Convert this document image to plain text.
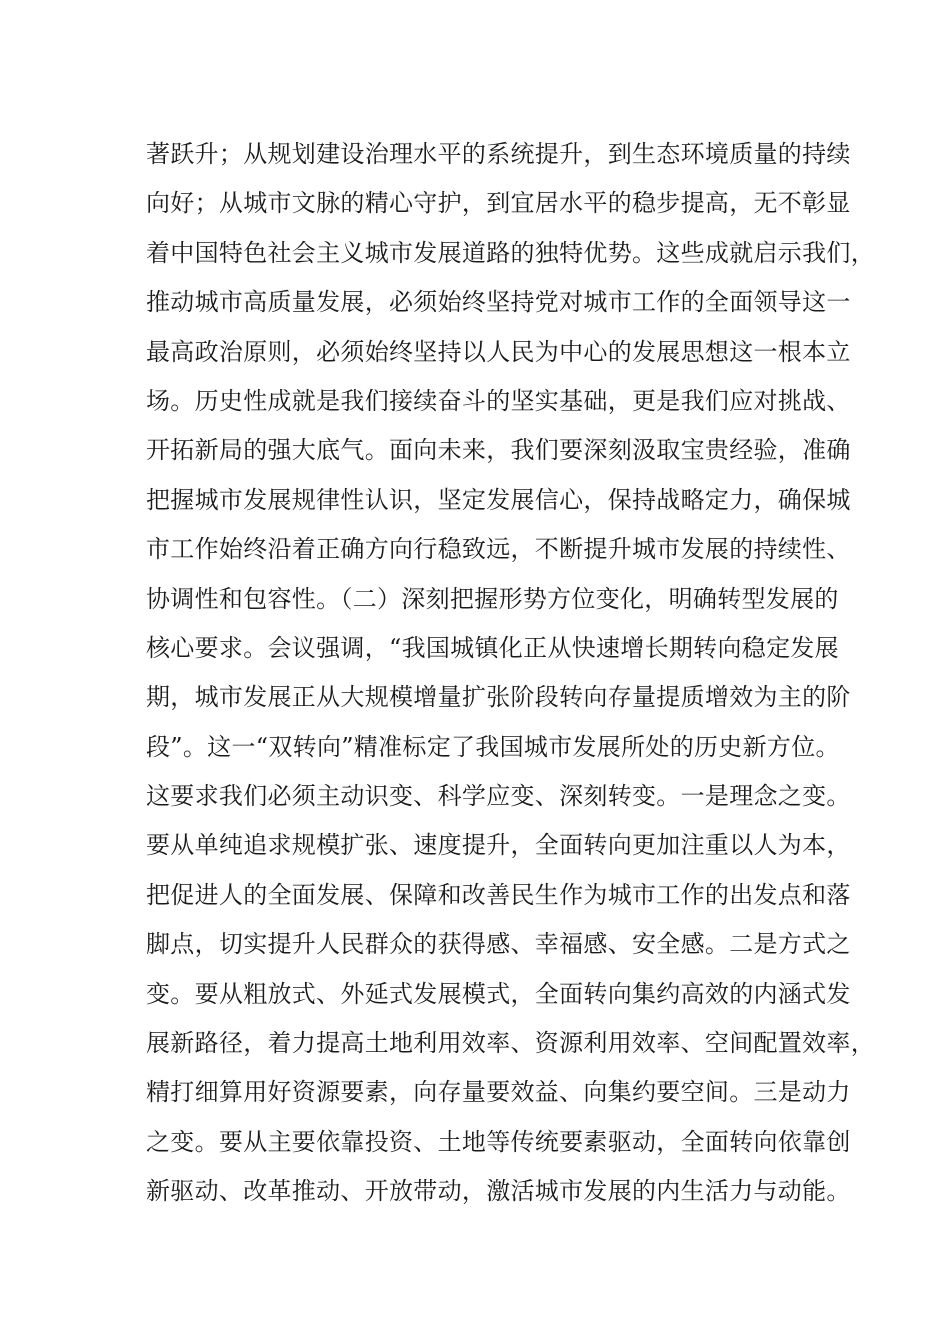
著跃升；从规划建设治理水平的系统提升，到生态环境质量的持续
向好；从城市文脉的精心守护，到宜居水平的稳步提高，无不彰显
着中国特色社会主义城市发展道路的独特优势。这些成就启示我们，
推动城市高质量发展，必须始终坚持党对城市工作的全面领导这一
最高政治原则，必须始终坚持以人民为中心的发展思想这一根本立
场。历史性成就是我们接续奋斗的坚实基础，更是我们应对挑战、
开拓新局的强大底气。面向未来，我们要深刻汲取宝贵经验，准确
把握城市发展规律性认识，坚定发展信心，保持战略定力，确保城
市工作始终沿着正确方向行稳致远，不断提升城市发展的持续性、
协调性和包容性。（二）深刻把握形势方位变化，明确转型发展的
核心要求。会议强调，“我国城镇化正从快速增长期转向稳定发展
期，城市发展正从大规模增量扩张阶段转向存量提质增效为主的阶
段”。这一“双转向”精准标定了我国城市发展所处的历史新方位。
这要求我们必须主动识变、科学应变、深刻转变。一是理念之变。
要从单纯追求规模扩张、速度提升，全面转向更加注重以人为本，
把促进人的全面发展、保障和改善民生作为城市工作的出发点和落
脚点，切实提升人民群众的获得感、幸福感、安全感。二是方式之
变。要从粗放式、外延式发展模式，全面转向集约高效的内涵式发
展新路径，着力提高土地利用效率、资源利用效率、空间配置效率，
精打细算用好资源要素，向存量要效益、向集约要空间。三是动力
之变。要从主要依靠投资、土地等传统要素驱动，全面转向依靠创
新驱动、改革推动、开放带动，激活城市发展的内生活力与动能。
